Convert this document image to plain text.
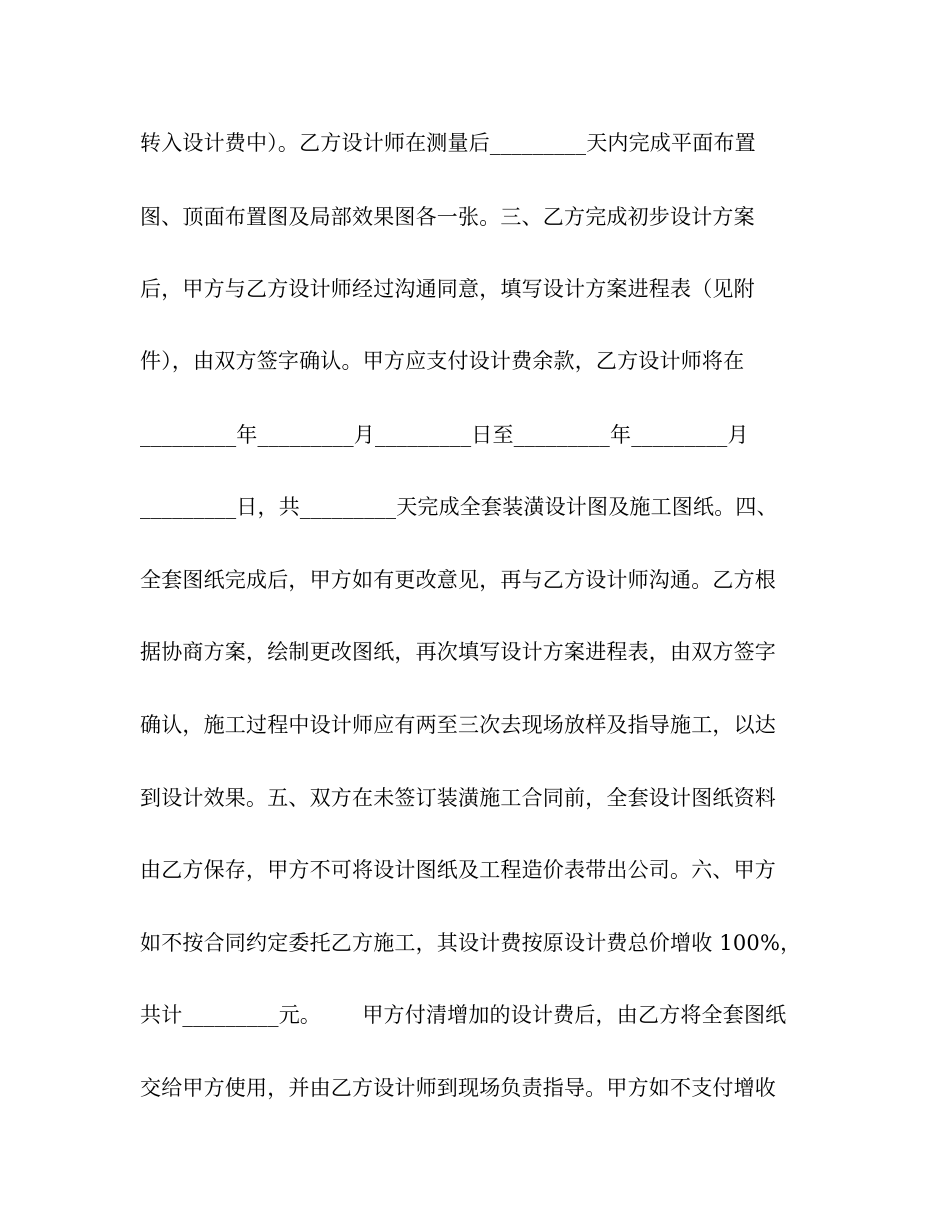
转入设计费中）。乙方设计师在测量后_________天内完成平面布置
图、顶面布置图及局部效果图各一张。三、乙方完成初步设计方案
后，甲方与乙方设计师经过沟通同意，填写设计方案进程表（见附
件），由双方签字确认。甲方应支付设计费余款，乙方设计师将在
_________年_________月_________日至_________年_________月
_________日，共_________天完成全套装潢设计图及施工图纸。四、
全套图纸完成后，甲方如有更改意见，再与乙方设计师沟通。乙方根
据协商方案，绘制更改图纸，再次填写设计方案进程表，由双方签字
确认，施工过程中设计师应有两至三次去现场放样及指导施工，以达
到设计效果。五、双方在未签订装潢施工合同前，全套设计图纸资料
由乙方保存，甲方不可将设计图纸及工程造价表带出公司。六、甲方
如不按合同约定委托乙方施工，其设计费按原设计费总价增收 100%，
共计_________元。      甲方付清增加的设计费后，由乙方将全套图纸
交给甲方使用，并由乙方设计师到现场负责指导。甲方如不支付增收
